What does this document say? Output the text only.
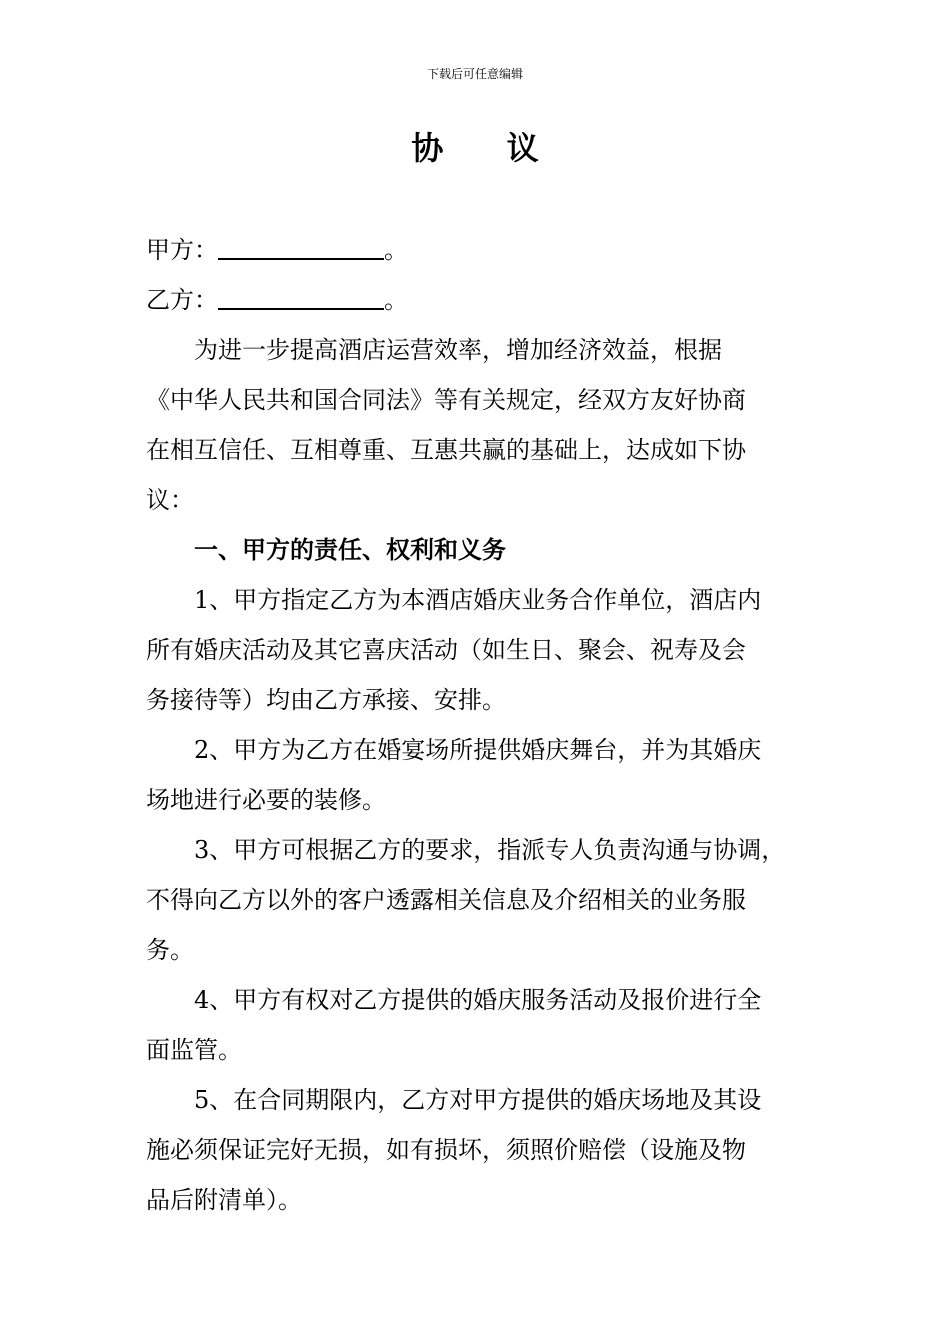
下载后可任意编辑
协 议
甲方：	。
乙方：	。
为进一步提高酒店运营效率，增加经济效益，根据
《中华人民共和国合同法》等有关规定，经双方友好协商
在相互信任、互相尊重、互惠共赢的基础上，达成如下协
议：
一、甲方的责任、权利和义务
1、甲方指定乙方为本酒店婚庆业务合作单位，酒店内
所有婚庆活动及其它喜庆活动（如生日、聚会、祝寿及会
务接待等）均由乙方承接、安排。
2、甲方为乙方在婚宴场所提供婚庆舞台，并为其婚庆
场地进行必要的装修。
3、甲方可根据乙方的要求，指派专人负责沟通与协调，
不得向乙方以外的客户透露相关信息及介绍相关的业务服
务。
4、甲方有权对乙方提供的婚庆服务活动及报价进行全
面监管。
5、在合同期限内，乙方对甲方提供的婚庆场地及其设
施必须保证完好无损，如有损坏，须照价赔偿（设施及物
品后附清单）。
